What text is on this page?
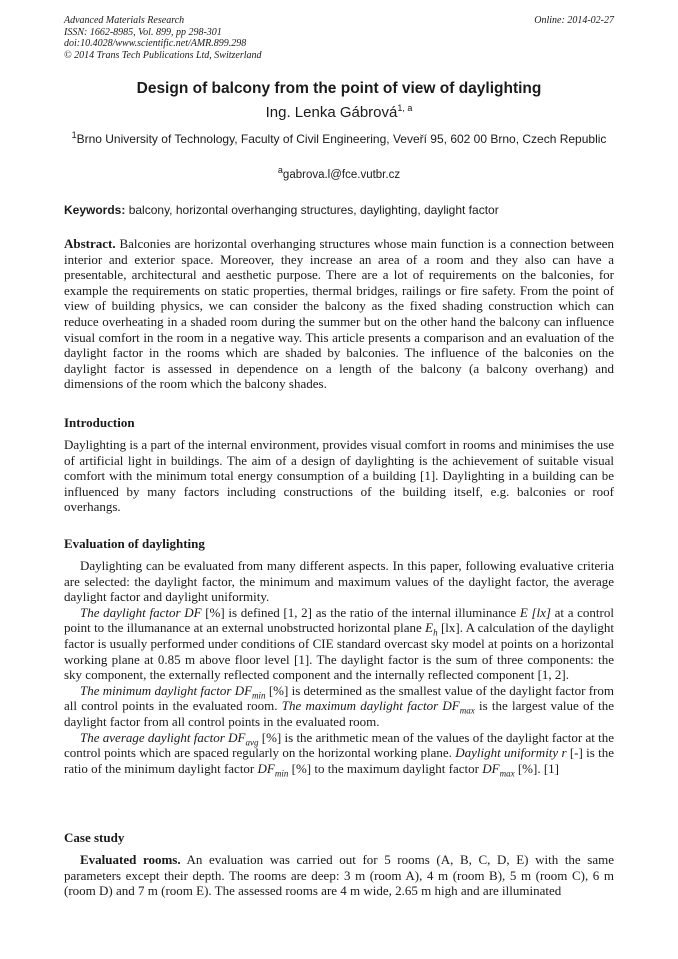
Advanced Materials Research
ISSN: 1662-8985, Vol. 899, pp 298-301
doi:10.4028/www.scientific.net/AMR.899.298
© 2014 Trans Tech Publications Ltd, Switzerland
Online: 2014-02-27
Design of balcony from the point of view of daylighting
Ing. Lenka Gábrová$^{1, a}$
$^1$Brno University of Technology, Faculty of Civil Engineering, Veveří 95, 602 00 Brno, Czech Republic
$^a$gabrova.l@fce.vutbr.cz
Keywords: balcony, horizontal overhanging structures, daylighting, daylight factor

Abstract. Balconies are horizontal overhanging structures whose main function is a connection between interior and exterior space. Moreover, they increase an area of a room and they also can have a presentable, architectural and aesthetic purpose. There are a lot of requirements on the balconies, for example the requirements on static properties, thermal bridges, railings or fire safety. From the point of view of building physics, we can consider the balcony as the fixed shading construction which can reduce overheating in a shaded room during the summer but on the other hand the balcony can influence visual comfort in the room in a negative way. This article presents a comparison and an evaluation of the daylight factor in the rooms which are shaded by balconies. The influence of the balconies on the daylight factor is assessed in dependence on a length of the balcony (a balcony overhang) and dimensions of the room which the balcony shades.

Introduction

Daylighting is a part of the internal environment, provides visual comfort in rooms and minimises the use of artificial light in buildings. The aim of a design of daylighting is the achievement of suitable visual comfort with the minimum total energy consumption of a building [1]. Daylighting in a building can be influenced by many factors including constructions of the building itself, e.g. balconies or roof overhangs.

Evaluation of daylighting

Daylighting can be evaluated from many different aspects. In this paper, following evaluative criteria are selected: the daylight factor, the minimum and maximum values of the daylight factor, the average daylight factor and daylight uniformity.

The daylight factor DF [%] is defined [1, 2] as the ratio of the internal illuminance E [lx] at a control point to the illumanance at an external unobstructed horizontal plane $E_h$ [lx]. A calculation of the daylight factor is usually performed under conditions of CIE standard overcast sky model at points on a horizontal working plane at 0.85 m above floor level [1]. The daylight factor is the sum of three components: the sky component, the externally reflected component and the internally reflected component [1, 2].

The minimum daylight factor $DF_{min}$ [%] is determined as the smallest value of the daylight factor from all control points in the evaluated room. The maximum daylight factor $DF_{max}$ is the largest value of the daylight factor from all control points in the evaluated room.

The average daylight factor $DF_{avg}$ [%] is the arithmetic mean of the values of the daylight factor at the control points which are spaced regularly on the horizontal working plane. Daylight uniformity r [-] is the ratio of the minimum daylight factor $DF_{min}$ [%] to the maximum daylight factor $DF_{max}$ [%]. [1]

Case study

Evaluated rooms. An evaluation was carried out for 5 rooms (A, B, C, D, E) with the same parameters except their depth. The rooms are deep: 3 m (room A), 4 m (room B), 5 m (room C), 6 m (room D) and 7 m (room E). The assessed rooms are 4 m wide, 2.65 m high and are illuminated
